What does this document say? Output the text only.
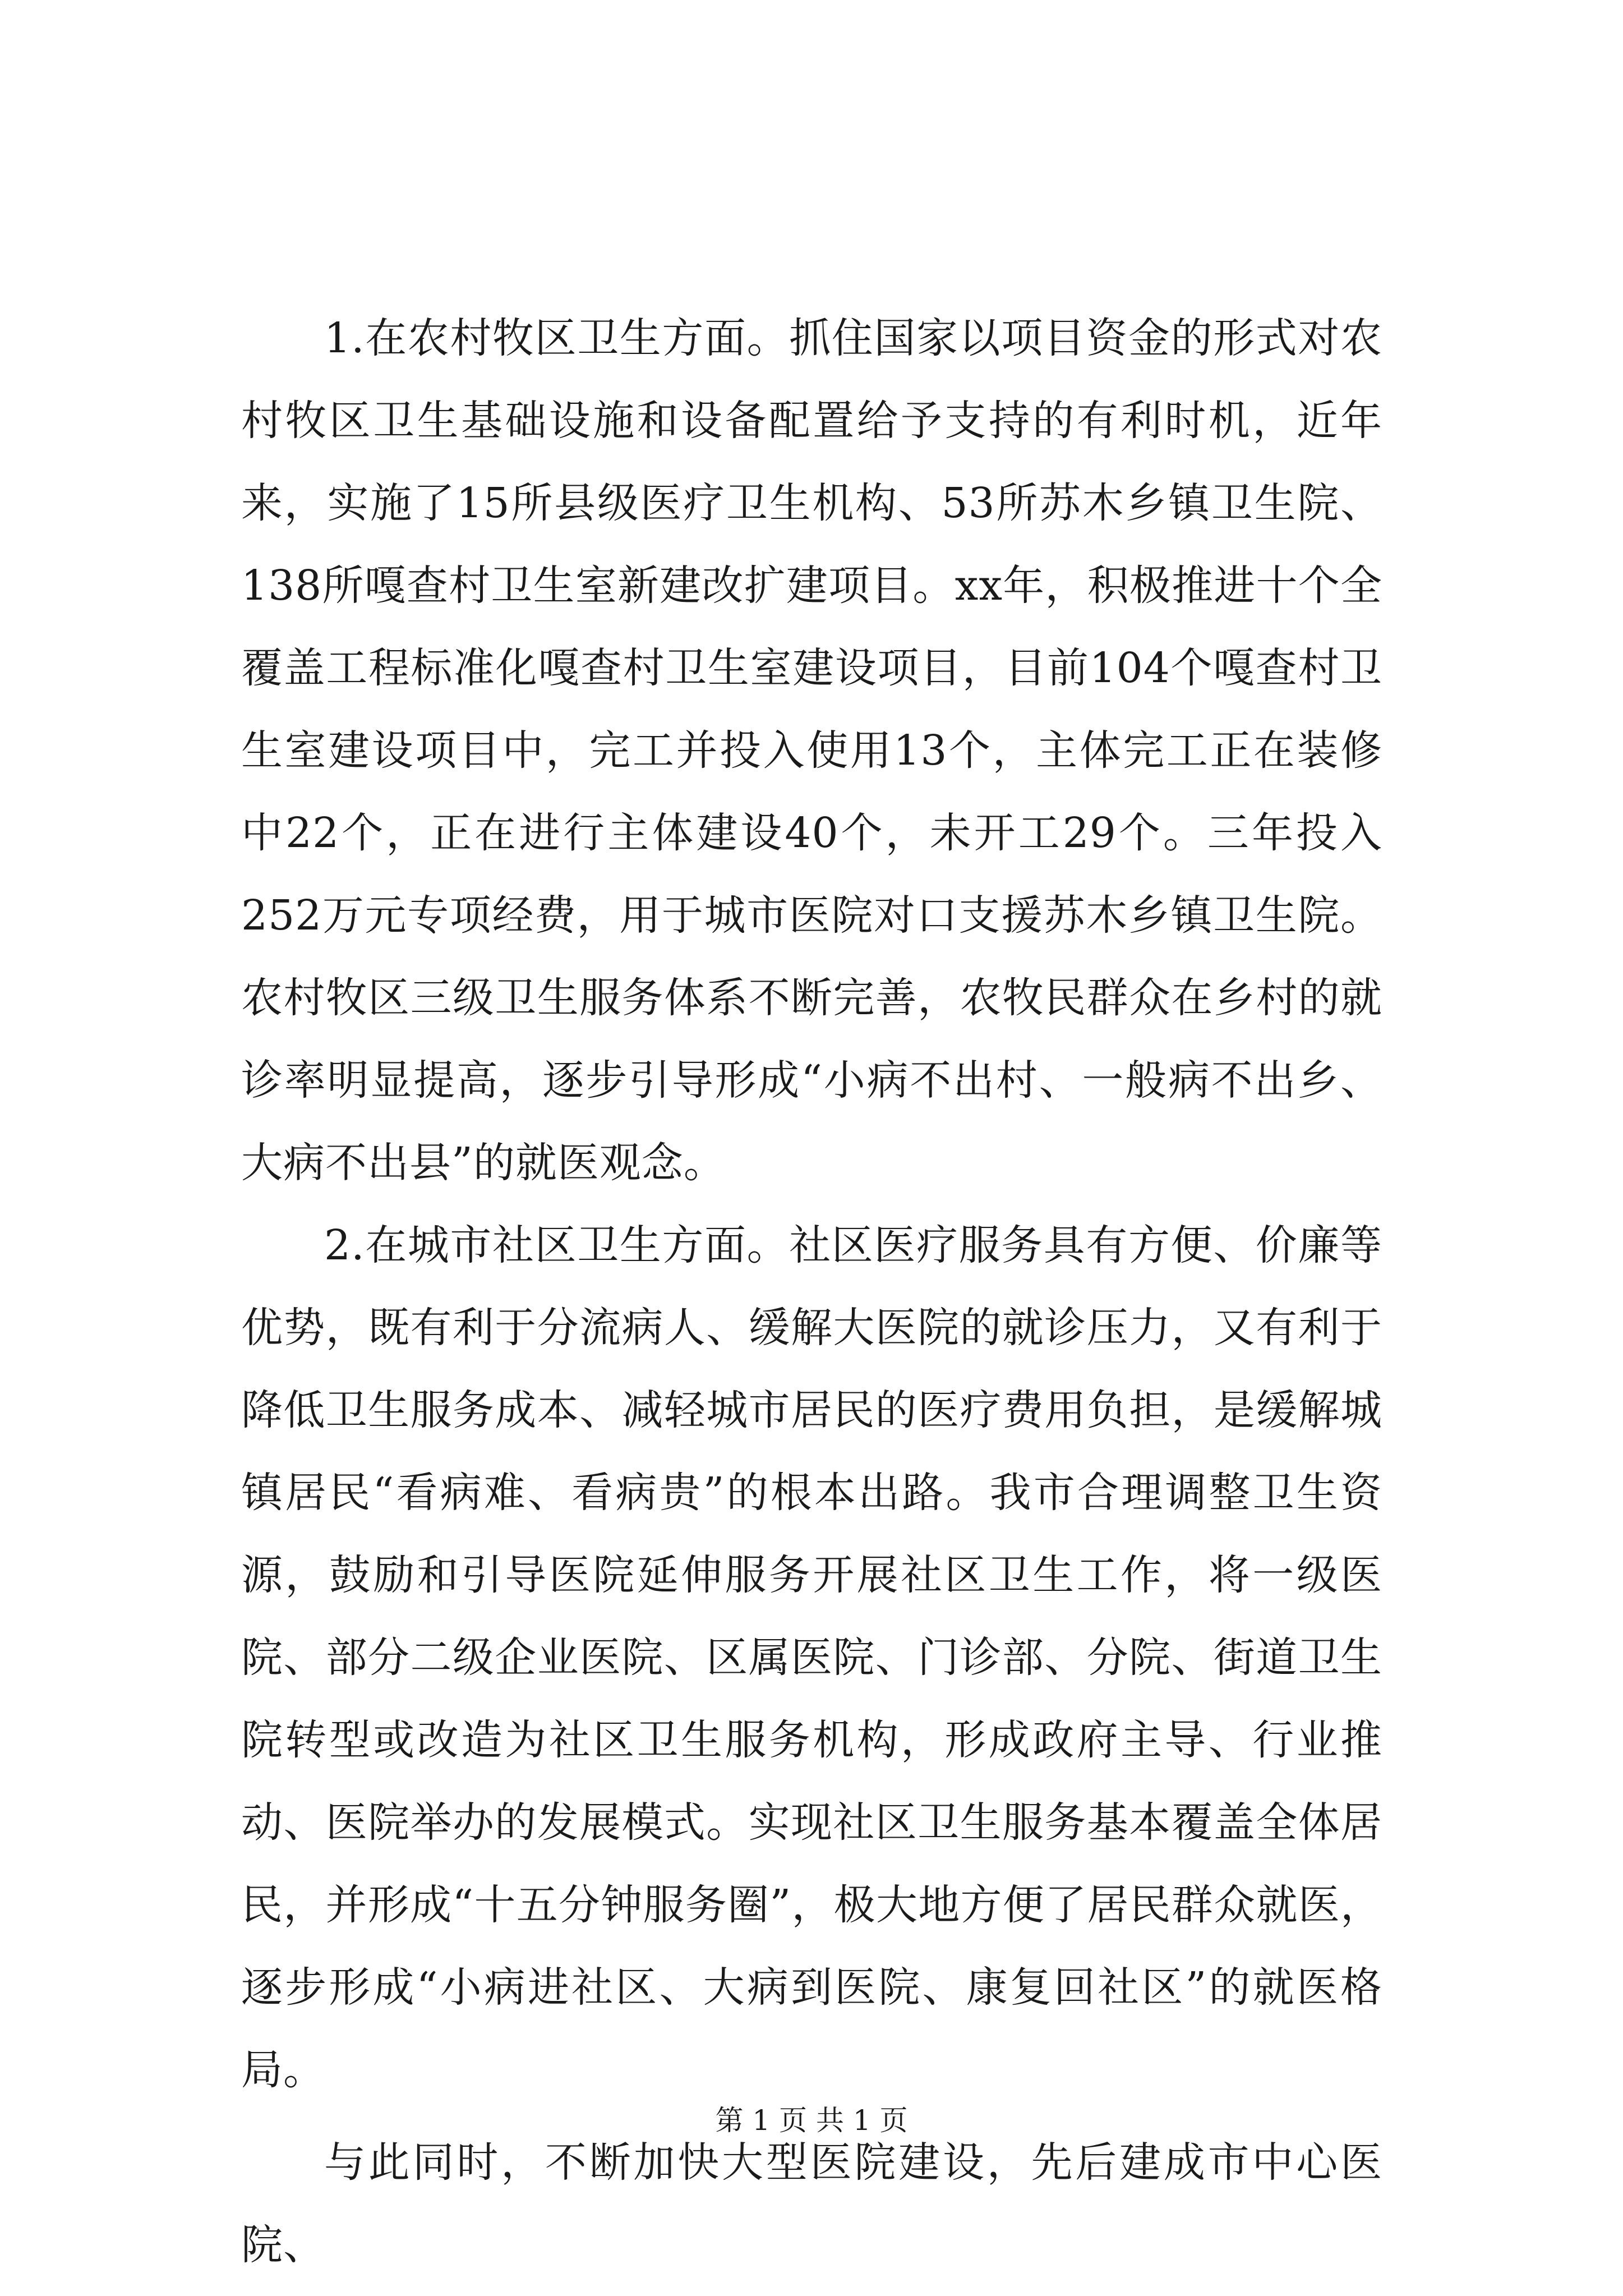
1.在农村牧区卫生方面。抓住国家以项目资金的形式对农村牧区卫生基础设施和设备配置给予支持的有利时机，近年来，实施了15所县级医疗卫生机构、53所苏木乡镇卫生院、138所嘎查村卫生室新建改扩建项目。xx年，积极推进十个全覆盖工程标准化嘎查村卫生室建设项目，目前104个嘎查村卫生室建设项目中，完工并投入使用13个，主体完工正在装修中22个，正在进行主体建设40个，未开工29个。三年投入252万元专项经费，用于城市医院对口支援苏木乡镇卫生院。农村牧区三级卫生服务体系不断完善，农牧民群众在乡村的就诊率明显提高，逐步引导形成“小病不出村、一般病不出乡、大病不出县”的就医观念。

2.在城市社区卫生方面。社区医疗服务具有方便、价廉等优势，既有利于分流病人、缓解大医院的就诊压力，又有利于降低卫生服务成本、减轻城市居民的医疗费用负担，是缓解城镇居民“看病难、看病贵”的根本出路。我市合理调整卫生资源，鼓励和引导医院延伸服务开展社区卫生工作，将一级医院、部分二级企业医院、区属医院、门诊部、分院、街道卫生院转型或改造为社区卫生服务机构，形成政府主导、行业推动、医院举办的发展模式。实现社区卫生服务基本覆盖全体居民，并形成“十五分钟服务圈”，极大地方便了居民群众就医，逐步形成“小病进社区、大病到医院、康复回社区”的就医格局。

与此同时，不断加快大型医院建设，先后建成市中心医院、

第 1 页 共 1 页
